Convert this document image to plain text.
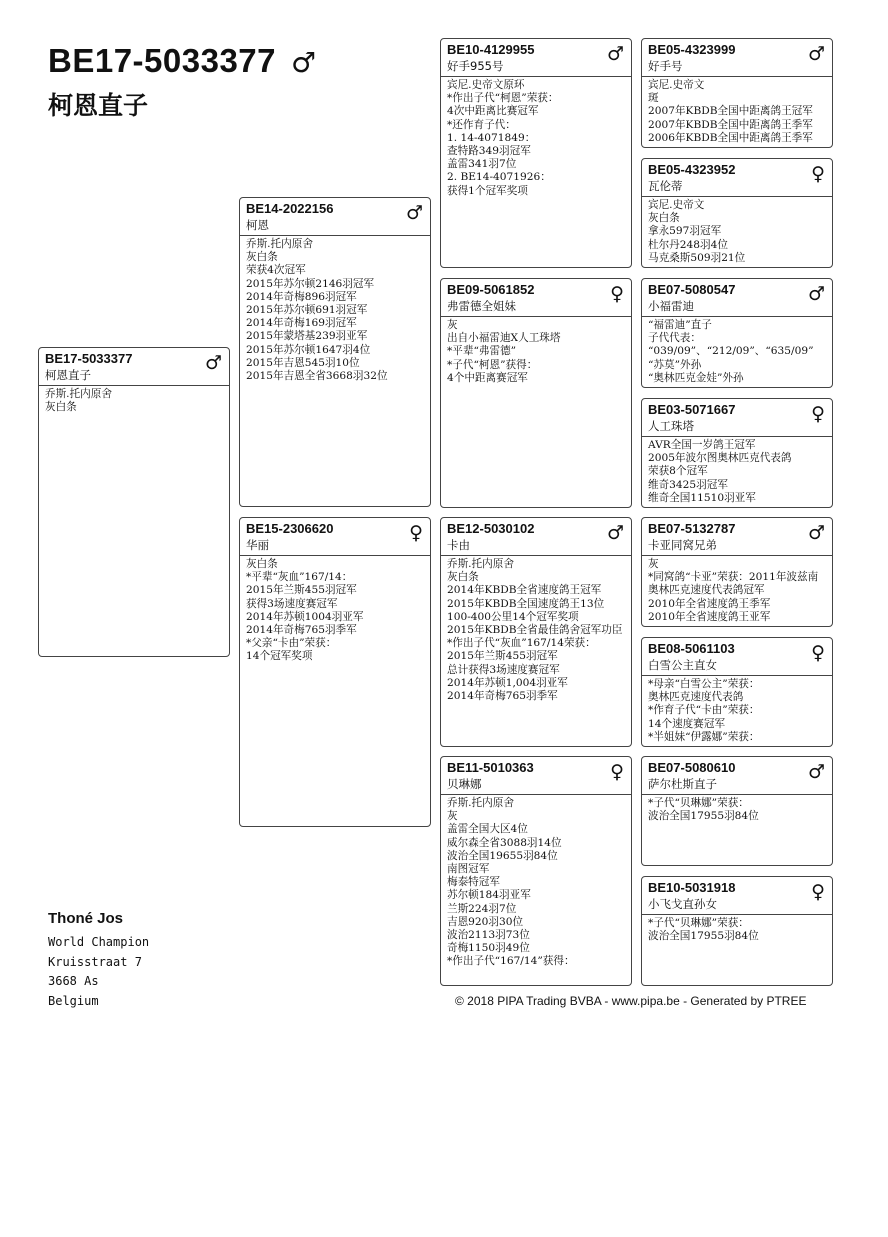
BE17-5033377 ♂
柯恩直子
BE17-5033377
柯恩直子
♂
乔斯.托内原舍
灰白条
BE14-2022156
柯恩
♂
乔斯.托内原舍
灰白条
荣获4次冠军
2015年苏尔顿2146羽冠军
2014年奇梅896羽冠军
2015年苏尔顿691羽冠军
2014年奇梅169羽冠军
2015年蒙塔基239羽亚军
2015年苏尔顿1647羽4位
2015年吉恩545羽10位
2015年吉恩全省3668羽32位
BE15-2306620
华丽
♀
灰白条
*平辈“灰血”167/14：
2015年兰斯455羽冠军
获得3场速度赛冠军
2014年苏顿1004羽亚军
2014年奇梅765羽季军
*父亲“卡由”荣获：
14个冠军奖项
BE10-4129955
好手955号
♂
宾尼.史帝文原环
*作出子代“柯恩”荣获：
4次中距离比赛冠军
*还作育子代：
1. 14-4071849：
查特路349羽冠军
盖雷341羽7位
2. BE14-4071926：
获得1个冠军奖项
BE09-5061852
弗雷德全姐妹
♀
灰
出自小福雷迪X人工珠塔
*平辈“弗雷德”
*子代“柯恩”获得：
4个中距离赛冠军
BE12-5030102
卡由
♂
乔斯.托内原舍
灰白条
2014年KBDB全省速度鸽王冠军
2015年KBDB全国速度鸽王13位
100-400公里14个冠军奖项
2015年KBDB全省最佳鸽舍冠军功臣
*作出子代“灰血”167/14荣获：
2015年兰斯455羽冠军
总计获得3场速度赛冠军
2014年苏顿1,004羽亚军
2014年奇梅765羽季军
BE11-5010363
贝琳娜
♀
乔斯.托内原舍
灰
盖雷全国大区4位
威尔森全省3088羽14位
波治全国19655羽84位
南图冠军
梅泰特冠军
苏尔顿184羽亚军
兰斯224羽7位
吉恩920羽30位
波治2113羽73位
奇梅1150羽49位
*作出子代“167/14”获得：
BE05-4323999
好手号
♂
宾尼.史帝文
斑
2007年KBDB全国中距离鸽王冠军
2007年KBDB全国中距离鸽王季军
2006年KBDB全国中距离鸽王季军
BE05-4323952
瓦伦蒂
♀
宾尼.史帝文
灰白条
拿永597羽冠军
杜尔丹248羽4位
马克桑斯509羽21位
BE07-5080547
小福雷迪
♂
“福雷迪”直子
子代代表：
“039/09”、“212/09”、“635/09”
“苏莫”外孙
“奥林匹克金娃”外孙
BE03-5071667
人工珠塔
♀
AVR全国一岁鸽王冠军
2005年波尔图奥林匹克代表鸽
荣获8个冠军
维奇3425羽冠军
维奇全国11510羽亚军
BE07-5132787
卡亚同窝兄弟
♂
灰
*同窝鸽“卡亚”荣获：2011年波兹南
奥林匹克速度代表鸽冠军
2010年全省速度鸽王季军
2010年全省速度鸽王亚军
BE08-5061103
白雪公主直女
♀
*母亲“白雪公主”荣获：
奥林匹克速度代表鸽
*作育子代“卡由”荣获：
14个速度赛冠军
*半姐妹“伊露娜”荣获：
BE07-5080610
萨尔杜斯直子
♂
*子代“贝琳娜”荣获：
波治全国17955羽84位
BE10-5031918
小飞戈直孙女
♀
*子代“贝琳娜”荣获：
波治全国17955羽84位
Thoné Jos
World Champion
Kruisstraat 7
3668 As
Belgium	© 2018 PIPA Trading BVBA - www.pipa.be - Generated by PTREE
